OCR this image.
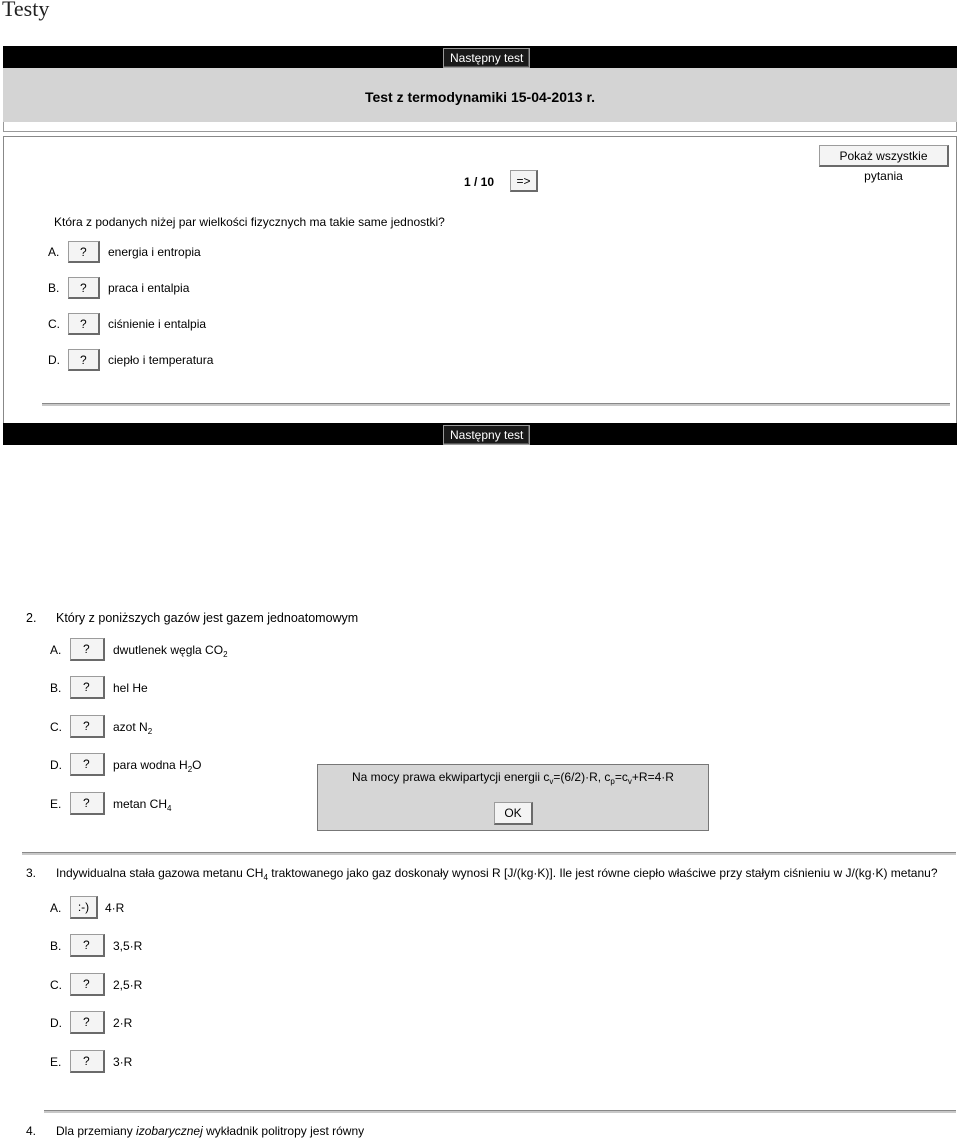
Testy
Następny test
Test z termodynamiki 15-04-2013 r.
Pokaż wszystkie pytania
1 / 10	=>
Która z podanych niżej par wielkości fizycznych ma takie same jednostki?
A.	?	energia i entropia
B.	?	praca i entalpia
C.	?	ciśnienie i entalpia
D.	?	ciepło i temperatura
Następny test
2. Który z poniższych gazów jest gazem jednoatomowym
A.	?	dwutlenek węgla $CO_2$
B.	?	hel He
C.	?	azot $N_2$
D.	?	para wodna $H_2O$
E.	?	metan $CH_4$
Na mocy prawa ekwipartycji energii $c_v=(6/2)\cdot R$, $c_p=c_v+R=4\cdot R$
OK
3. Indywidualna stała gazowa metanu $CH_4$ traktowanego jako gaz doskonały wynosi R [J/(kg·K)]. Ile jest równe ciepło właściwe przy stałym ciśnieniu w J/(kg·K) metanu?
A.	:-)	4·R
B.	?	3,5·R
C.	?	2,5·R
D.	?	2·R
E.	?	3·R
4. Dla przemiany izobarycznej wykładnik politropy jest równy
